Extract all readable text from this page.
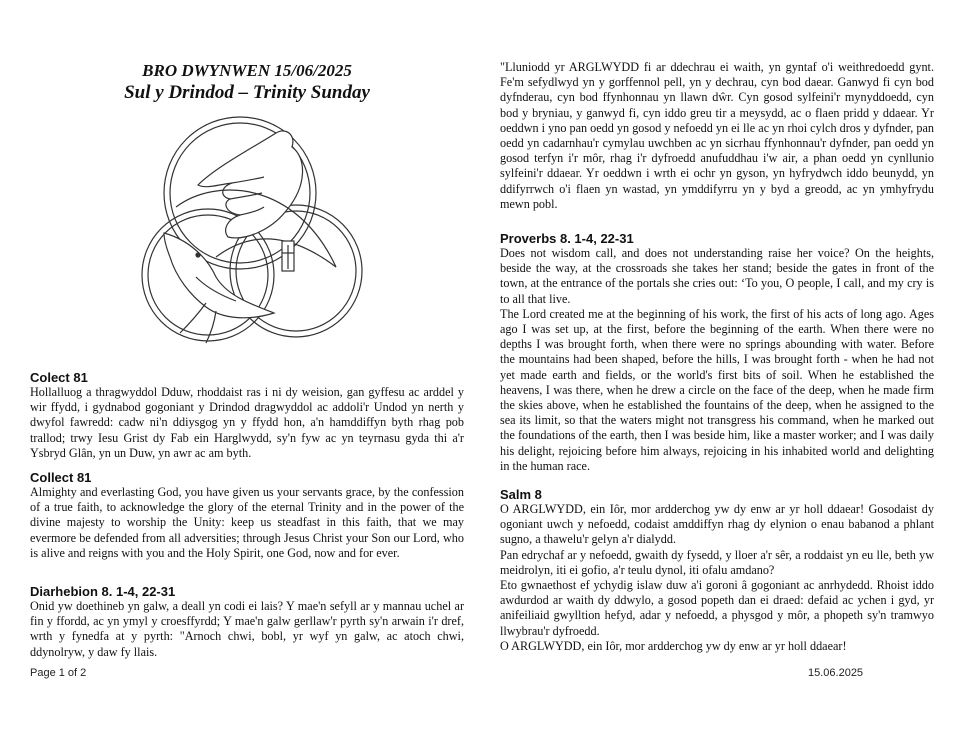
BRO DWYNWEN 15/06/2025
Sul y Drindod – Trinity Sunday

Colect 81

Hollalluog a thragwyddol Dduw, rhoddaist ras i ni dy weision, gan gyffesu ac arddel y wir ffydd, i gydnabod gogoniant y Drindod dragwyddol ac addoli'r Undod yn nerth y dwyfol fawredd: cadw ni'n ddiysgog yn y ffydd hon, a'n hamddiffyn byth rhag pob trallod; trwy Iesu Grist dy Fab ein Harglwydd, sy'n fyw ac yn teyrnasu gyda thi a'r Ysbryd Glân, yn un Duw, yn awr ac am byth.

Collect 81

Almighty and everlasting God, you have given us your servants grace, by the confession of a true faith, to acknowledge the glory of the eternal Trinity and in the power of the divine majesty to worship the Unity: keep us steadfast in this faith, that we may evermore be defended from all adversities; through Jesus Christ your Son our Lord, who is alive and reigns with you and the Holy Spirit, one God, now and for ever.

Diarhebion 8. 1-4, 22-31

Onid yw doethineb yn galw, a deall yn codi ei lais? Y mae'n sefyll ar y mannau uchel ar fin y ffordd, ac yn ymyl y croesffyrdd; Y mae'n galw gerllaw'r pyrth sy'n arwain i'r dref, wrth y fynedfa at y pyrth: "Arnoch chwi, bobl, yr wyf yn galw, ac atoch chwi, ddynolryw, y daw fy llais.
"Lluniodd yr ARGLWYDD fi ar ddechrau ei waith, yn gyntaf o'i weithredoedd gynt. Fe'm sefydlwyd yn y gorffennol pell, yn y dechrau, cyn bod daear. Ganwyd fi cyn bod dyfnderau, cyn bod ffynhonnau yn llawn dŵr. Cyn gosod sylfeini'r mynyddoedd, cyn bod y bryniau, y ganwyd fi, cyn iddo greu tir a meysydd, ac o flaen pridd y ddaear. Yr oeddwn i yno pan oedd yn gosod y nefoedd yn ei lle ac yn rhoi cylch dros y dyfnder, pan oedd yn cadarnhau'r cymylau uwchben ac yn sicrhau ffynhonnau'r dyfnder, pan oedd yn gosod terfyn i'r môr, rhag i'r dyfroedd anufuddhau i'w air, a phan oedd yn cynllunio sylfeini'r ddaear. Yr oeddwn i wrth ei ochr yn gyson, yn hyfrydwch iddo beunydd, yn ddifyrrwch o'i flaen yn wastad, yn ymddifyrru yn y byd a greodd, ac yn ymhyfrydu mewn pobl.

Proverbs 8. 1-4, 22-31

Does not wisdom call, and does not understanding raise her voice? On the heights, beside the way, at the crossroads she takes her stand; beside the gates in front of the town, at the entrance of the portals she cries out: ‘To you, O people, I call, and my cry is to all that live.

The Lord created me at the beginning of his work, the first of his acts of long ago. Ages ago I was set up, at the first, before the beginning of the earth. When there were no depths I was brought forth, when there were no springs abounding with water. Before the mountains had been shaped, before the hills, I was brought forth - when he had not yet made earth and fields, or the world's first bits of soil. When he established the heavens, I was there, when he drew a circle on the face of the deep, when he made firm the skies above, when he established the fountains of the deep, when he assigned to the sea its limit, so that the waters might not transgress his command, when he marked out the foundations of the earth, then I was beside him, like a master worker; and I was daily his delight, rejoicing before him always, rejoicing in his inhabited world and delighting in the human race.

Salm 8

O ARGLWYDD, ein Iôr, mor ardderchog yw dy enw ar yr holl ddaear! Gosodaist dy ogoniant uwch y nefoedd, codaist amddiffyn rhag dy elynion o enau babanod a phlant sugno, a thawelu'r gelyn a'r dialydd.

Pan edrychaf ar y nefoedd, gwaith dy fysedd, y lloer a'r sêr, a roddaist yn eu lle, beth yw meidrolyn, iti ei gofio, a'r teulu dynol, iti ofalu amdano?

Eto gwnaethost ef ychydig islaw duw a'i goroni â gogoniant ac anrhydedd. Rhoist iddo awdurdod ar waith dy ddwylo, a gosod popeth dan ei draed: defaid ac ychen i gyd, yr anifeiliaid gwylltion hefyd, adar y nefoedd, a physgod y môr, a phopeth sy'n tramwyo llwybrau'r dyfroedd.

O ARGLWYDD, ein Iôr, mor ardderchog yw dy enw ar yr holl ddaear!

Page 1 of 2	15.06.2025
